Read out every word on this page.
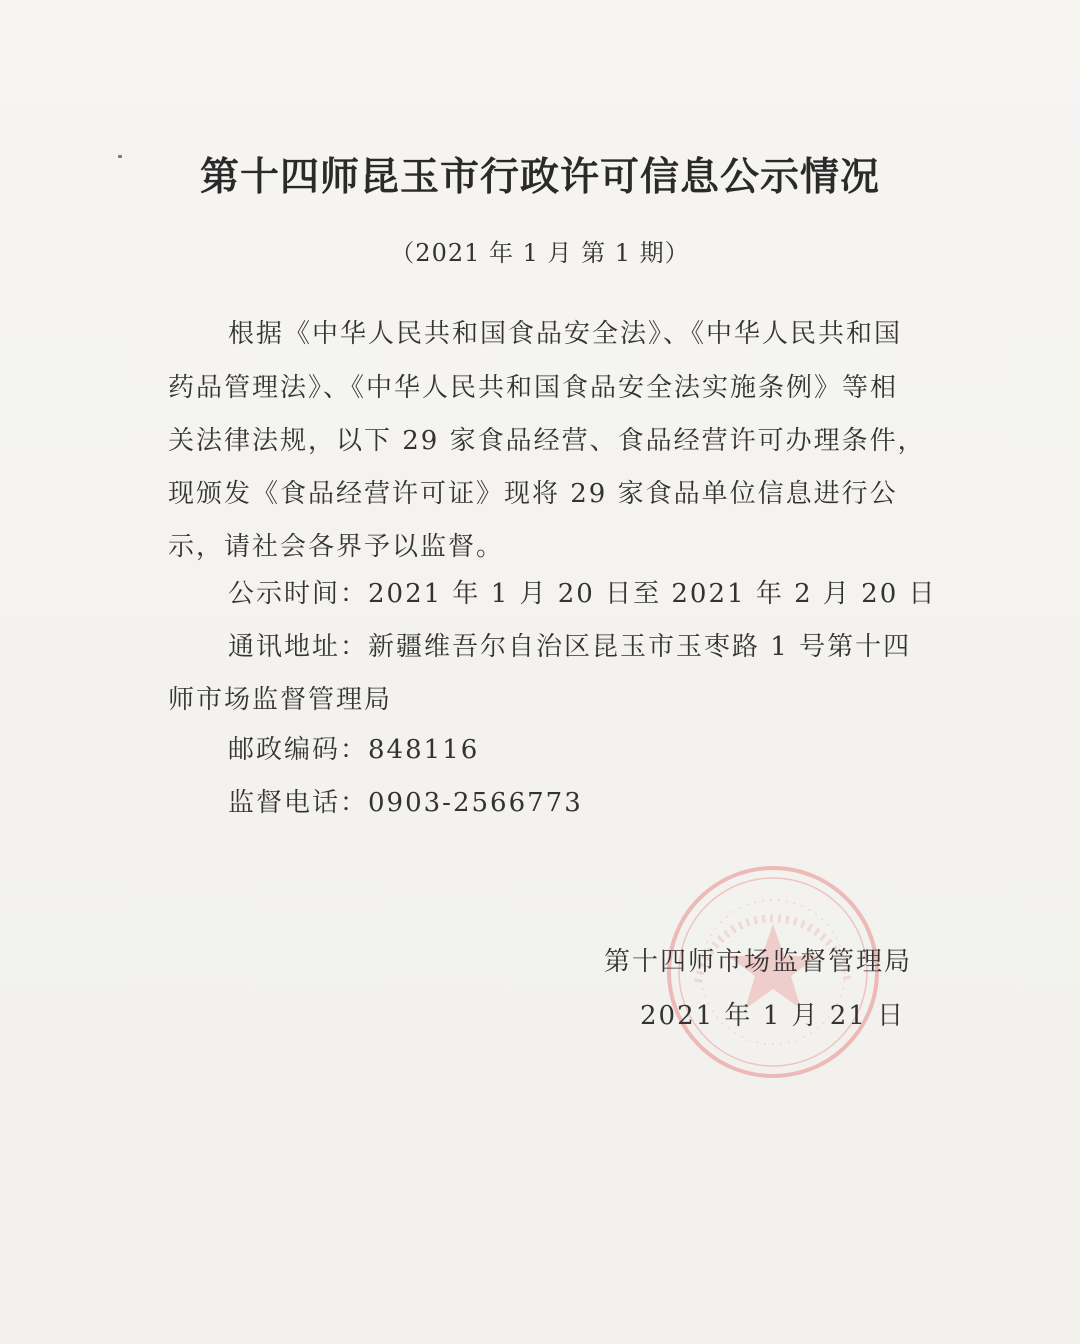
第十四师昆玉市行政许可信息公示情况
（2021 年 1 月 第 1 期）
根据《中华人民共和国食品安全法》、《中华人民共和国
药品管理法》、《中华人民共和国食品安全法实施条例》等相
关法律法规，以下 29 家食品经营、食品经营许可办理条件，
现颁发《食品经营许可证》现将 29 家食品单位信息进行公
示，请社会各界予以监督。
公示时间：2021 年 1 月 20 日至 2021 年 2 月 20 日
通讯地址：新疆维吾尔自治区昆玉市玉枣路 1 号第十四
师市场监督管理局
邮政编码：848116
监督电话：0903-2566773
第十四师市场监督管理局
2021 年 1 月 21 日
